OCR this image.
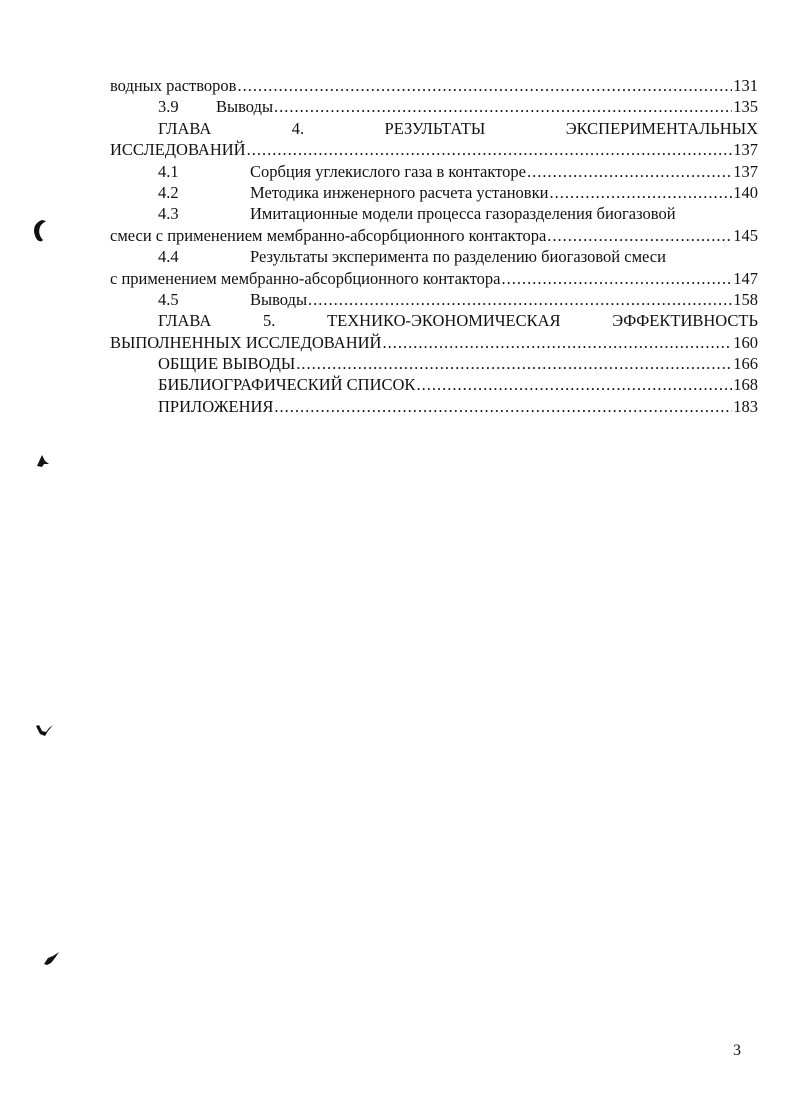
водных растворов .....	131
3.9	Выводы .....	135
ГЛАВА 4. РЕЗУЛЬТАТЫ ЭКСПЕРИМЕНТАЛЬНЫХ
ИССЛЕДОВАНИЙ .....	137
4.1	Сорбция углекислого газа в контакторе .....	137
4.2	Методика инженерного расчета установки .....	140
4.3	Имитационные модели процесса газоразделения биогазовой
смеси с применением мембранно-абсорбционного контактора .....	145
4.4	Результаты эксперимента по разделению биогазовой смеси
с применением мембранно-абсорбционного контактора .....	147
4.5	Выводы .....	158
ГЛАВА 5. ТЕХНИКО-ЭКОНОМИЧЕСКАЯ ЭФФЕКТИВНОСТЬ
ВЫПОЛНЕННЫХ ИССЛЕДОВАНИЙ .....	160
ОБЩИЕ ВЫВОДЫ .....	166
БИБЛИОГРАФИЧЕСКИЙ СПИСОК .....	168
ПРИЛОЖЕНИЯ .....	183
3
